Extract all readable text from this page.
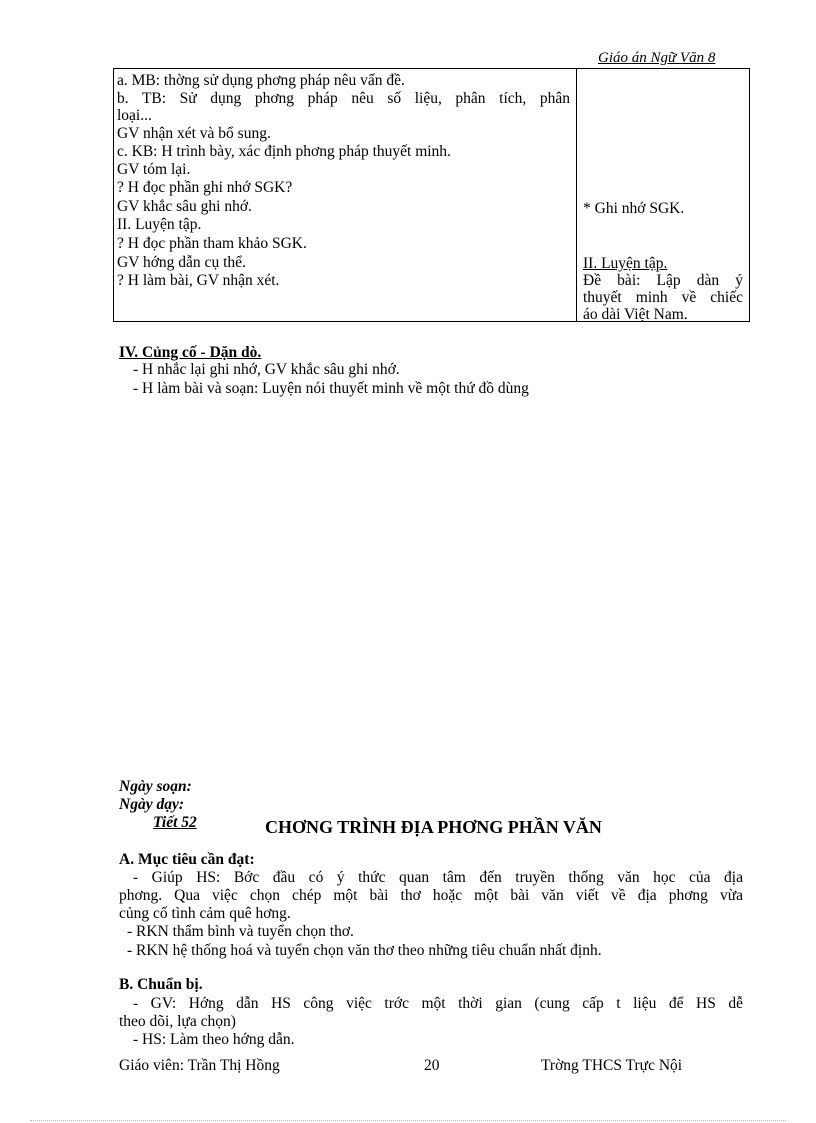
Giáo án Ngữ Văn 8
a. MB: thờng sử dụng phơng pháp nêu vấn đề.
b. TB: Sử dụng phơng pháp nêu số liệu, phân tích, phân
loại...
GV nhận xét và bổ sung.
c. KB: H trình bày, xác định phơng pháp thuyết minh.
GV tóm lại.
? H đọc phần ghi nhớ SGK?
GV khắc sâu ghi nhớ.
II. Luyện tập.
? H đọc phần tham khảo SGK.
GV hớng dẫn cụ thể.
? H làm bài, GV nhận xét.
* Ghi nhớ SGK.
II. Luyện tập.
Đề bài: Lập dàn ý
thuyết minh về chiếc
áo dài Việt Nam.
IV. Củng cố - Dặn dò.
- H nhắc lại ghi nhớ, GV khắc sâu ghi nhớ.
- H làm bài và soạn: Luyện nói thuyết minh về một thứ đồ dùng
Ngày soạn:
Ngày dạy:
Tiết 52	CHƠNG TRÌNH ĐỊA PHƠNG PHẦN VĂN
A. Mục tiêu cần đạt:
- Giúp HS: Bớc đầu có ý thức quan tâm đến truyền thống văn học của địa
phơng. Qua việc chọn chép một bài thơ hoặc một bài văn viết về địa phơng vừa
củng cố tình cảm quê hơng.
- RKN thẩm bình và tuyển chọn thơ.
- RKN hệ thống hoá và tuyển chọn văn thơ theo những tiêu chuẩn nhất định.
B. Chuẩn bị.
- GV: Hớng dẫn HS công việc trớc một thời gian (cung cấp t liệu để HS dễ
theo dõi, lựa chọn)
- HS: Làm theo hớng dẫn.
Giáo viên: Trần Thị Hồng	20	Trờng THCS Trực Nội
